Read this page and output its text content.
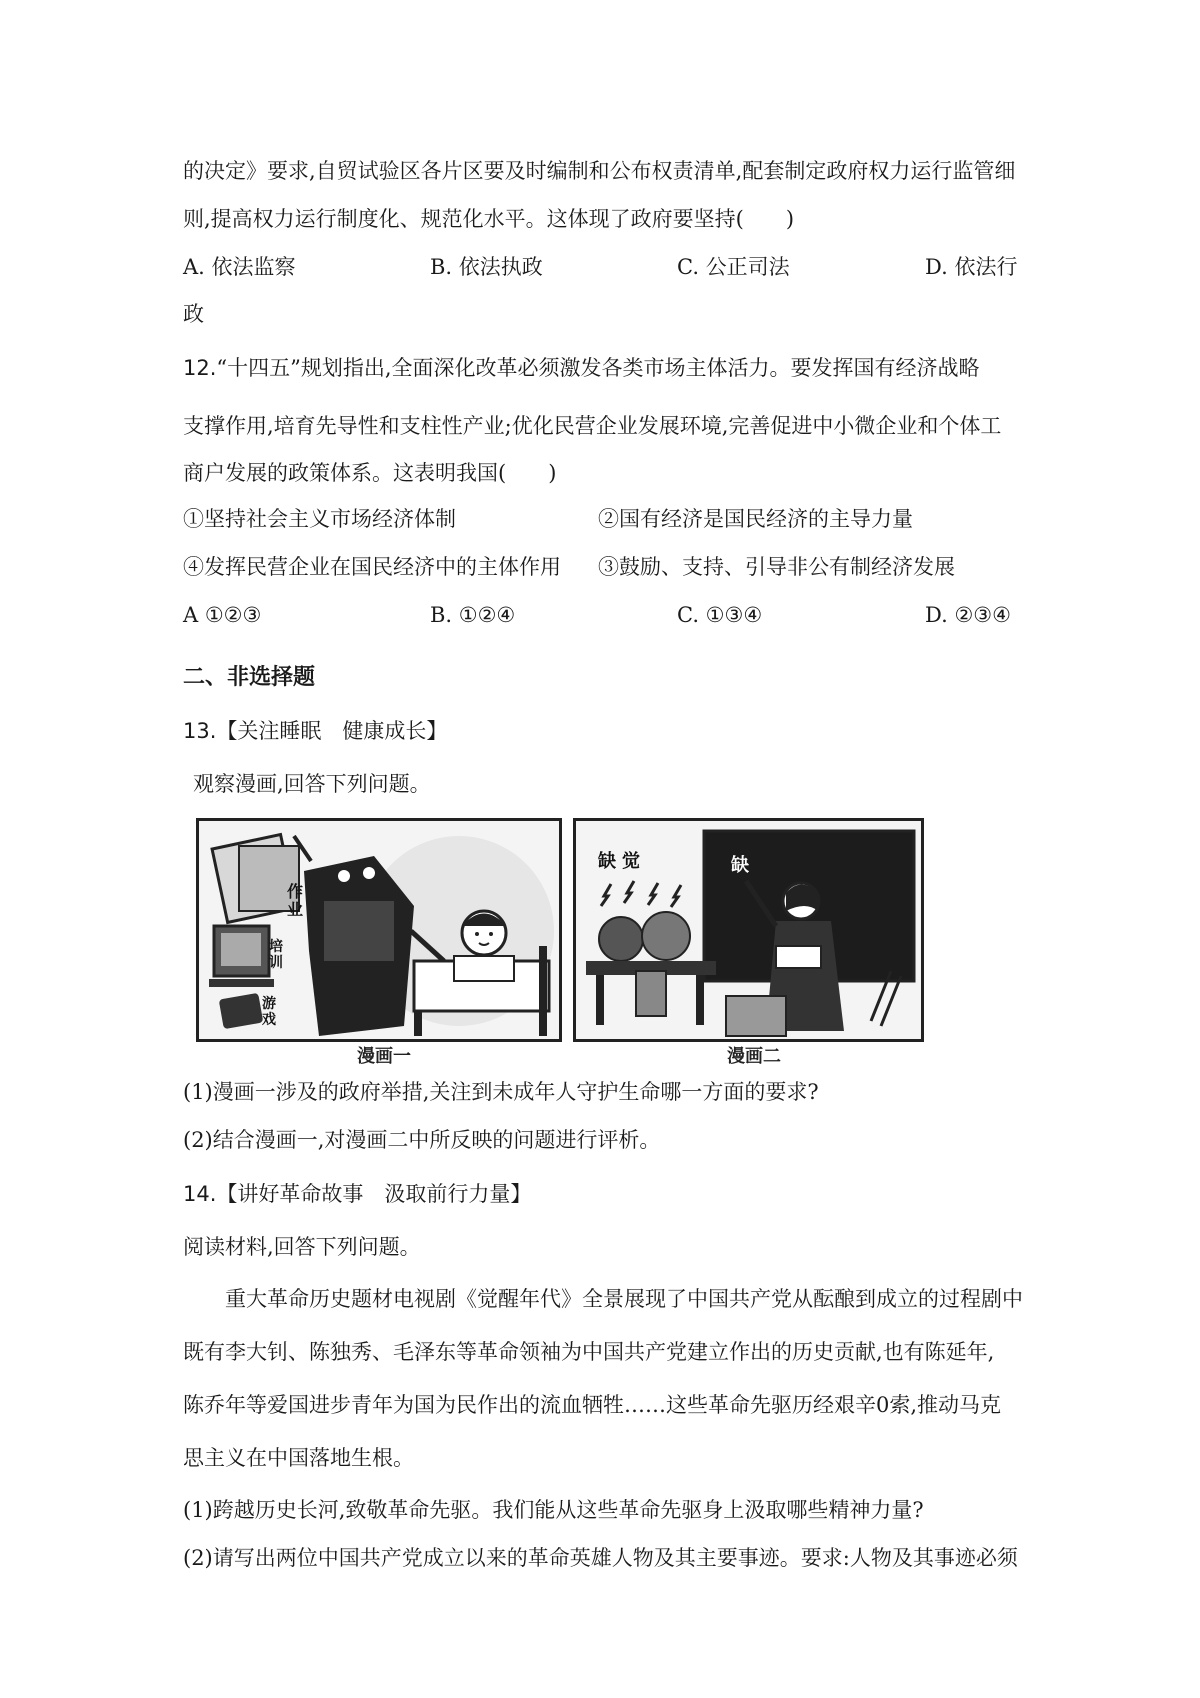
的决定》要求,自贸试验区各片区要及时编制和公布权责清单,配套制定政府权力运行监管细
则,提高权力运行制度化、规范化水平。这体现了政府要坚持(　　)
A. 依法监察	B. 依法执政	C. 公正司法	D. 依法行
政
12.“十四五”规划指出,全面深化改革必须激发各类市场主体活力。要发挥国有经济战略
支撑作用,培育先导性和支柱性产业;优化民营企业发展环境,完善促进中小微企业和个体工
商户发展的政策体系。这表明我国(　　)
①坚持社会主义市场经济体制	②国有经济是国民经济的主导力量
④发挥民营企业在国民经济中的主体作用 ③鼓励、支持、引导非公有制经济发展
A ①②③	B. ①②④	C. ①③④	D. ②③④
二、非选择题
13.【关注睡眠　健康成长】
观察漫画,回答下列问题。
作业
培训
游戏
漫画一
缺觉	缺
漫画二
(1)漫画一涉及的政府举措,关注到未成年人守护生命哪一方面的要求?
(2)结合漫画一,对漫画二中所反映的问题进行评析。
14.【讲好革命故事　汲取前行力量】
阅读材料,回答下列问题。
重大革命历史题材电视剧《觉醒年代》全景展现了中国共产党从酝酿到成立的过程剧中
既有李大钊、陈独秀、毛泽东等革命领袖为中国共产党建立作出的历史贡献,也有陈延年,
陈乔年等爱国进步青年为国为民作出的流血牺牲……这些革命先驱历经艰辛0索,推动马克
思主义在中国落地生根。
(1)跨越历史长河,致敬革命先驱。我们能从这些革命先驱身上汲取哪些精神力量?
(2)请写出两位中国共产党成立以来的革命英雄人物及其主要事迹。要求:人物及其事迹必须
